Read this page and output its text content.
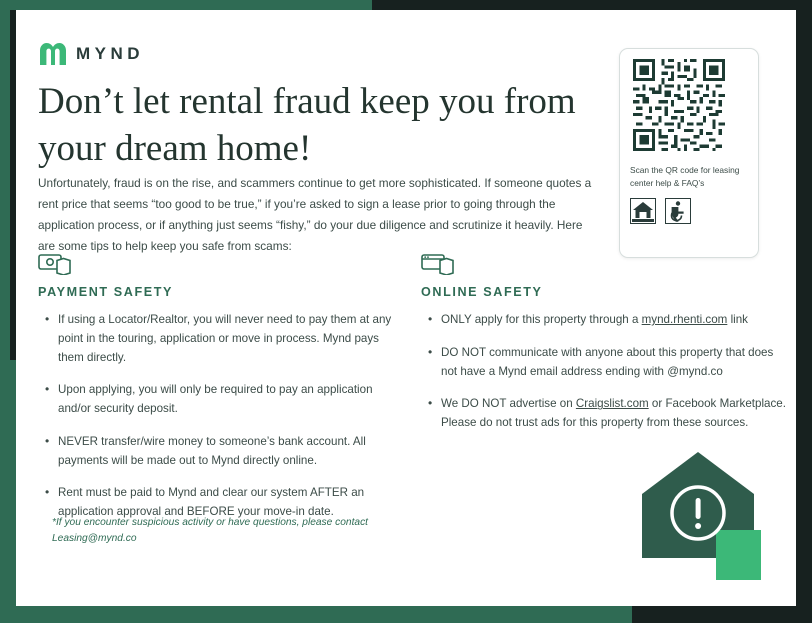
MYND
Don’t let rental fraud keep you from your dream home!
Unfortunately, fraud is on the rise, and scammers continue to get more sophisticated. If someone quotes a rent price that seems “too good to be true,” if you’re asked to sign a lease prior to going through the application process, or if anything just seems “fishy,” do your due diligence and scrutinize it heavily. Here are some tips to help keep you safe from scams:
Scan the QR code for leasing center help & FAQ’s
PAYMENT SAFETY
• If using a Locator/Realtor, you will never need to pay them at any point in the touring, application or move in process. Mynd pays them directly.
• Upon applying, you will only be required to pay an application and/or security deposit.
• NEVER transfer/wire money to someone’s bank account. All payments will be made out to Mynd directly online.
• Rent must be paid to Mynd and clear our system AFTER an application approval and BEFORE your move-in date.
ONLINE SAFETY
• ONLY apply for this property through a mynd.rhenti.com link
• DO NOT communicate with anyone about this property that does not have a Mynd email address ending with @mynd.co
• We DO NOT advertise on Craigslist.com or Facebook Marketplace. Please do not trust ads for this property from these sources.
*If you encounter suspicious activity or have questions, please contact Leasing@mynd.co
